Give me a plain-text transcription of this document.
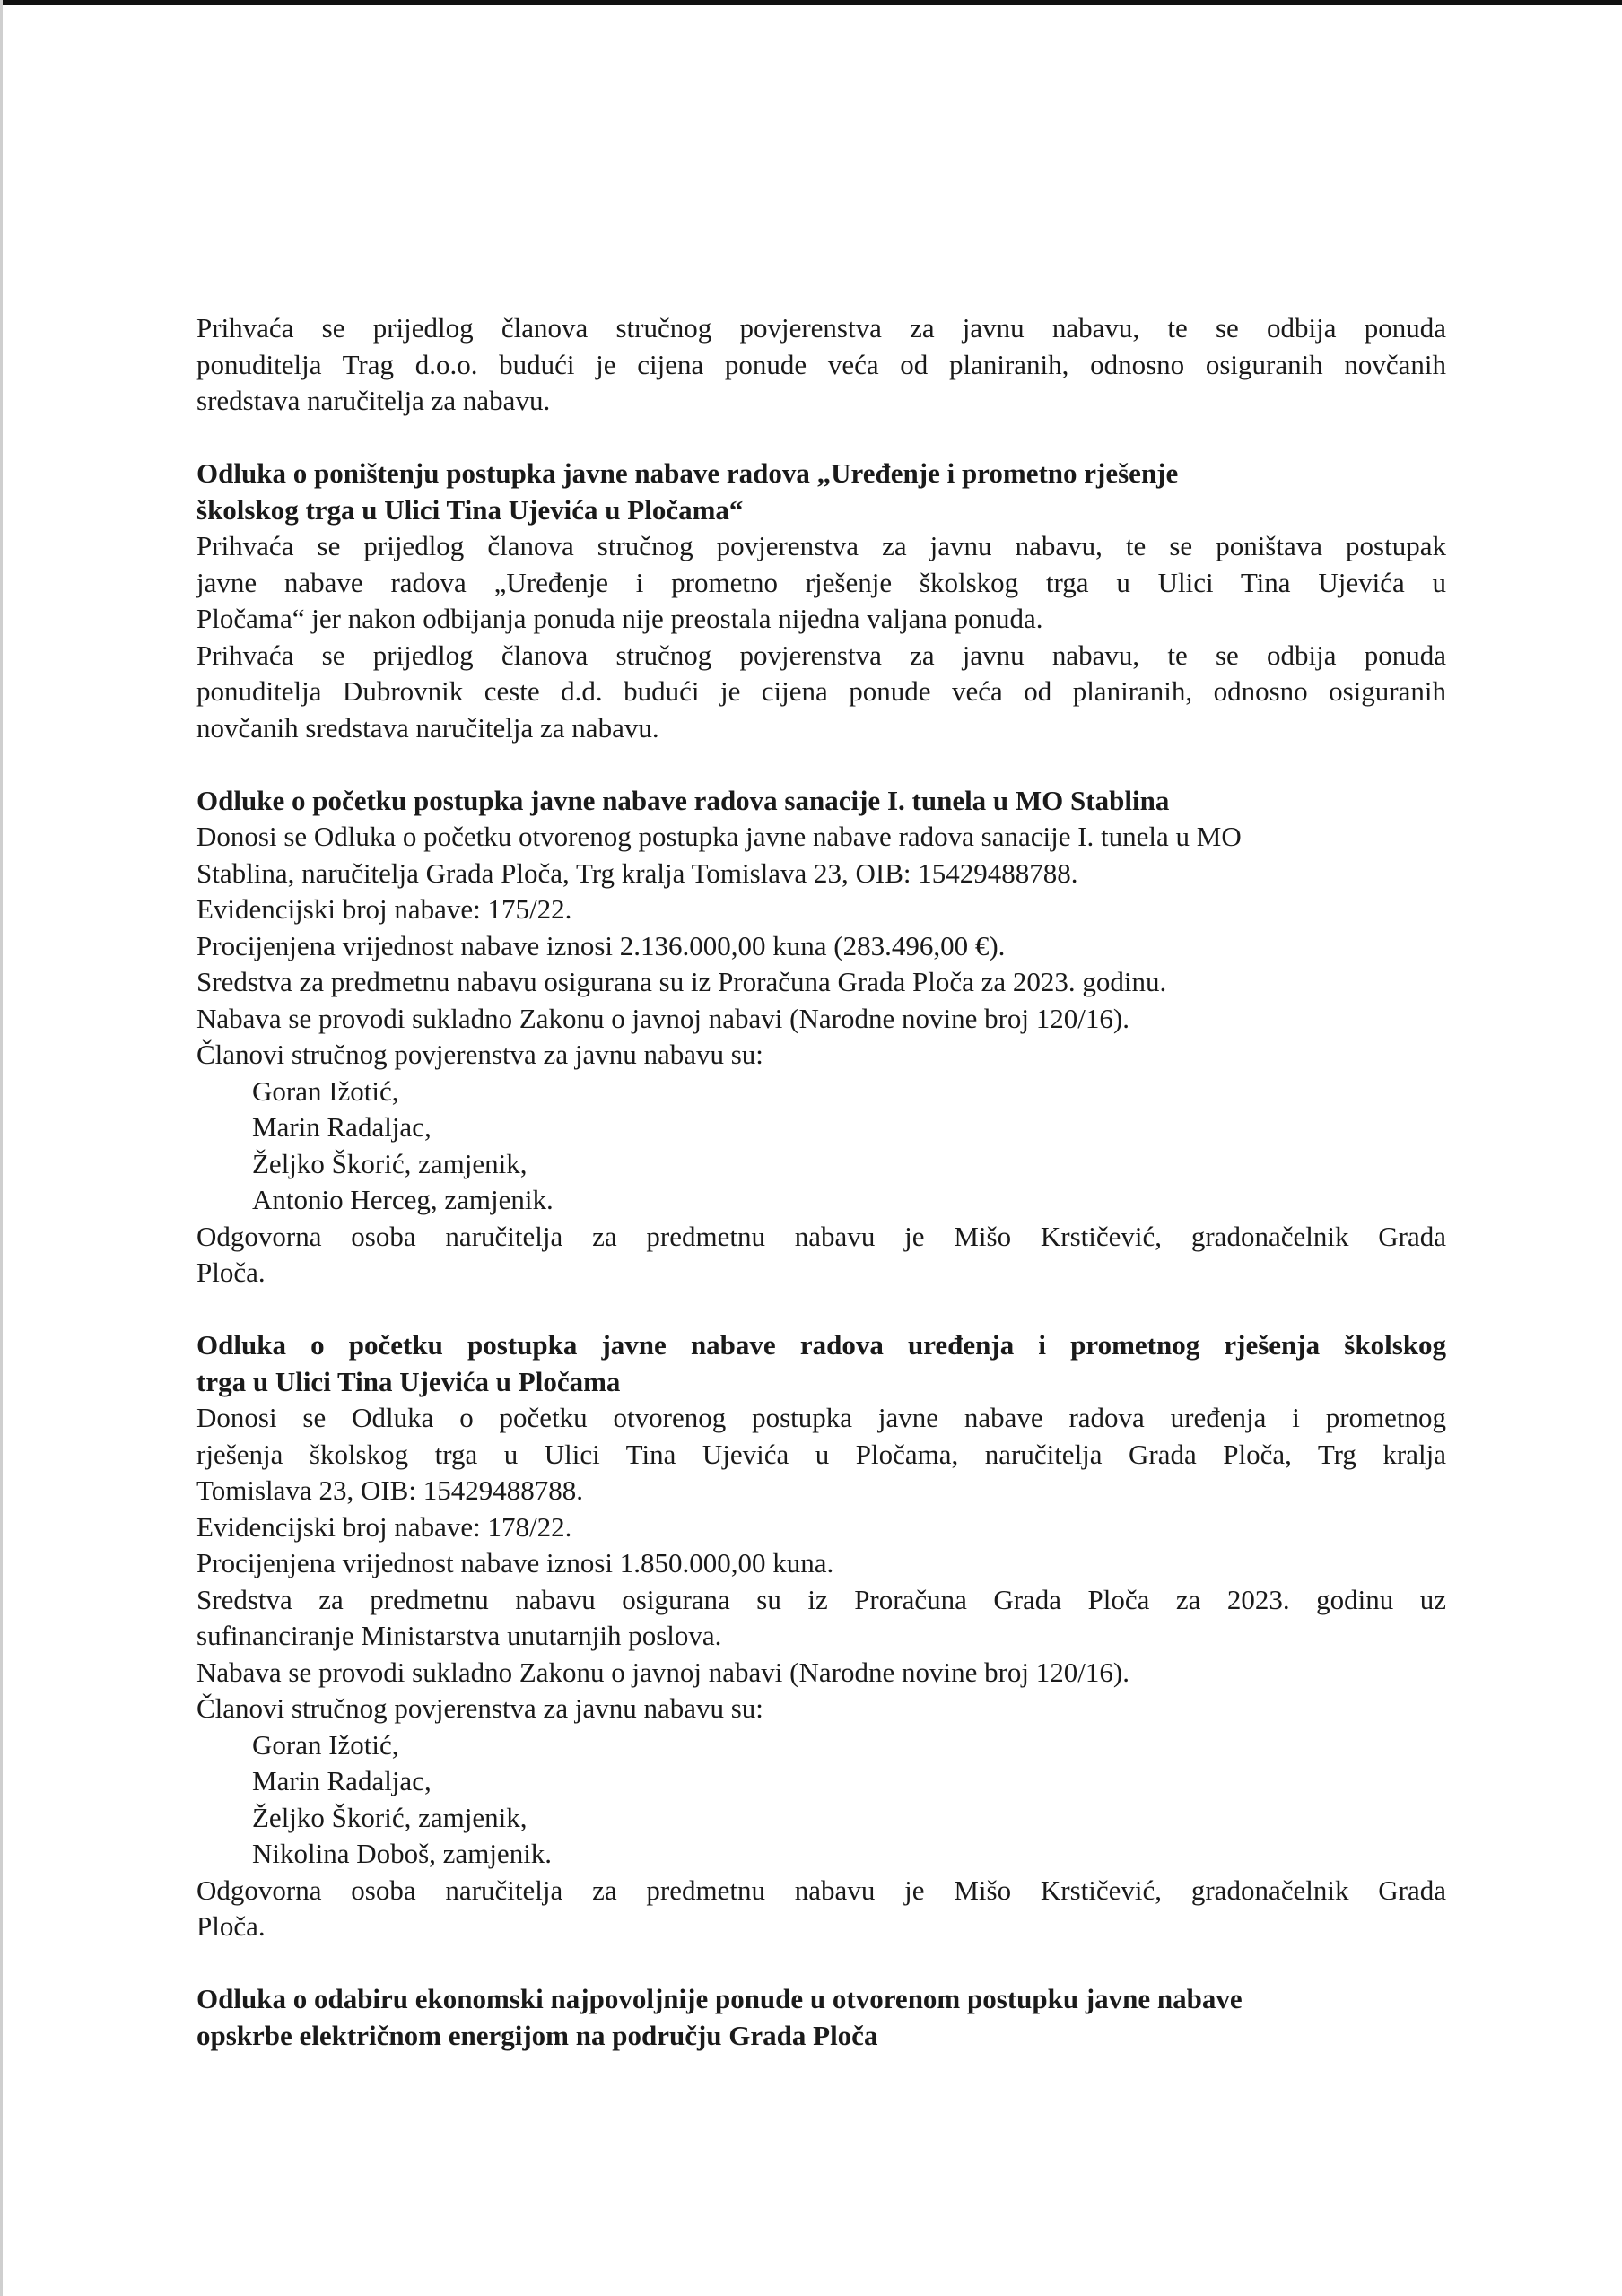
Prihvaća se prijedlog članova stručnog povjerenstva za javnu nabavu, te se odbija ponuda

ponuditelja Trag d.o.o. budući je cijena ponude veća od planiranih, odnosno osiguranih novčanih

sredstava naručitelja za nabavu.

Odluka o poništenju postupka javne nabave radova „Uređenje i prometno rješenje

školskog trga u Ulici Tina Ujevića u Pločama“

Prihvaća se prijedlog članova stručnog povjerenstva za javnu nabavu, te se poništava postupak

javne nabave radova „Uređenje i prometno rješenje školskog trga u Ulici Tina Ujevića u

Pločama“ jer nakon odbijanja ponuda nije preostala nijedna valjana ponuda.

Prihvaća se prijedlog članova stručnog povjerenstva za javnu nabavu, te se odbija ponuda

ponuditelja Dubrovnik ceste d.d. budući je cijena ponude veća od planiranih, odnosno osiguranih

novčanih sredstava naručitelja za nabavu.

Odluke o početku postupka javne nabave radova sanacije I. tunela u MO Stablina

Donosi se Odluka o početku otvorenog postupka javne nabave radova sanacije I. tunela u MO

Stablina, naručitelja Grada Ploča, Trg kralja Tomislava 23, OIB: 15429488788.

Evidencijski broj nabave: 175/22.

Procijenjena vrijednost nabave iznosi 2.136.000,00 kuna (283.496,00 €).

Sredstva za predmetnu nabavu osigurana su iz Proračuna Grada Ploča za 2023. godinu.

Nabava se provodi sukladno Zakonu o javnoj nabavi (Narodne novine broj 120/16).

Članovi stručnog povjerenstva za javnu nabavu su:

Goran Ižotić,

Marin Radaljac,

Željko Škorić, zamjenik,

Antonio Herceg, zamjenik.

Odgovorna osoba naručitelja za predmetnu nabavu je Mišo Krstičević, gradonačelnik Grada

Ploča.

Odluka o početku postupka javne nabave radova uređenja i prometnog rješenja školskog

trga u Ulici Tina Ujevića u Pločama

Donosi se Odluka o početku otvorenog postupka javne nabave radova uređenja i prometnog

rješenja školskog trga u Ulici Tina Ujevića u Pločama, naručitelja Grada Ploča, Trg kralja

Tomislava 23, OIB: 15429488788.

Evidencijski broj nabave: 178/22.

Procijenjena vrijednost nabave iznosi 1.850.000,00 kuna.

Sredstva za predmetnu nabavu osigurana su iz Proračuna Grada Ploča za 2023. godinu uz

sufinanciranje Ministarstva unutarnjih poslova.

Nabava se provodi sukladno Zakonu o javnoj nabavi (Narodne novine broj 120/16).

Članovi stručnog povjerenstva za javnu nabavu su:

Goran Ižotić,

Marin Radaljac,

Željko Škorić, zamjenik,

Nikolina Doboš, zamjenik.

Odgovorna osoba naručitelja za predmetnu nabavu je Mišo Krstičević, gradonačelnik Grada

Ploča.

Odluka o odabiru ekonomski najpovoljnije ponude u otvorenom postupku javne nabave

opskrbe električnom energijom na području Grada Ploča
